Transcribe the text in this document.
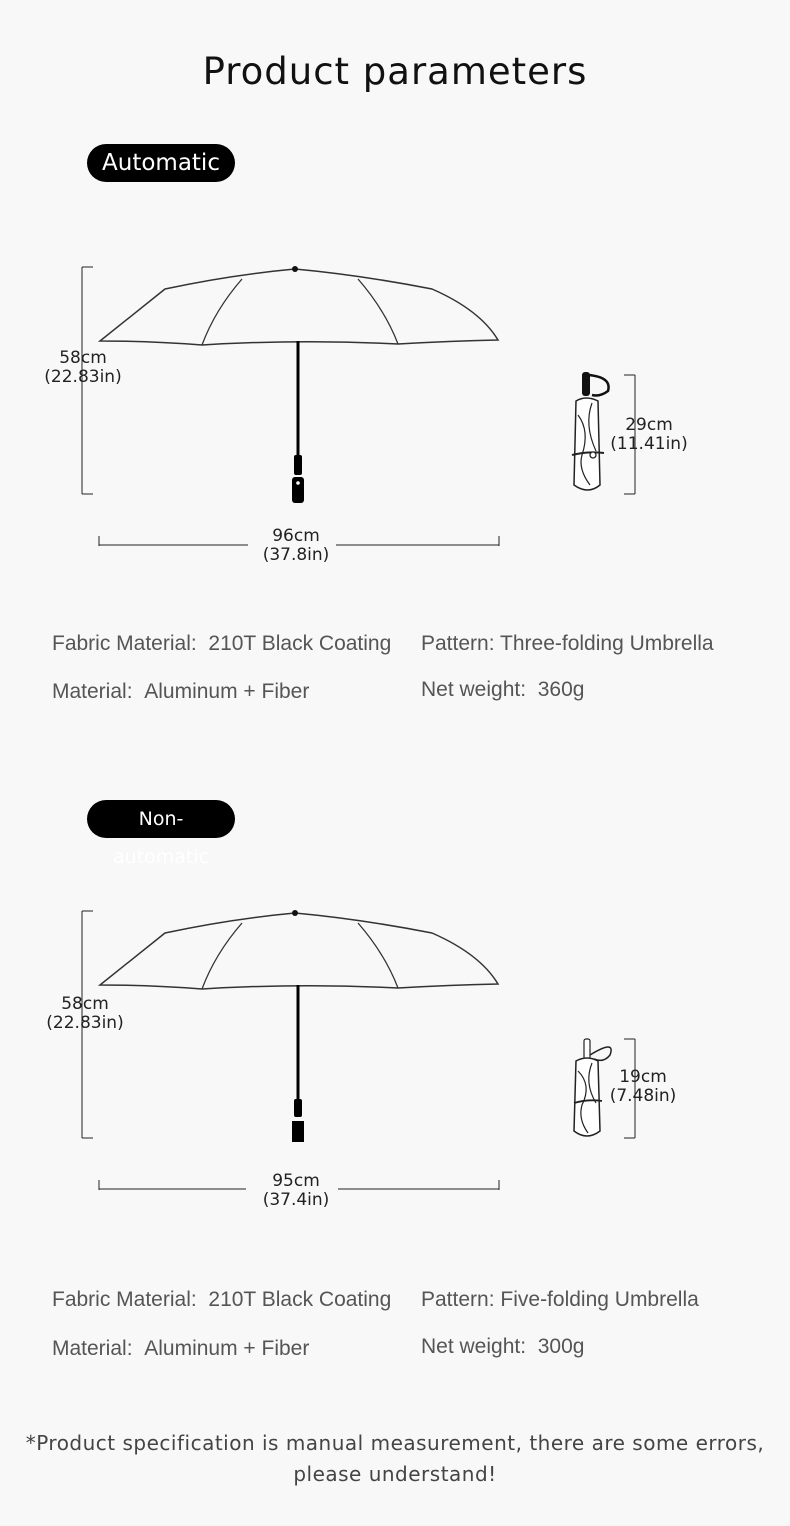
Product parameters
Automatic
58cm
(22.83in)
96cm
(37.8in)
29cm
(11.41in)
Fabric Material:  210T Black Coating Pattern: Three-folding Umbrella
Material:  Aluminum + Fiber	Net weight:  360g
Non-automatic
58cm
(22.83in)
95cm
(37.4in)
19cm
(7.48in)
Fabric Material:  210T Black Coating Pattern: Five-folding Umbrella
Material:  Aluminum + Fiber	Net weight:  300g
*Product specification is manual measurement, there are some errors,
please understand!
